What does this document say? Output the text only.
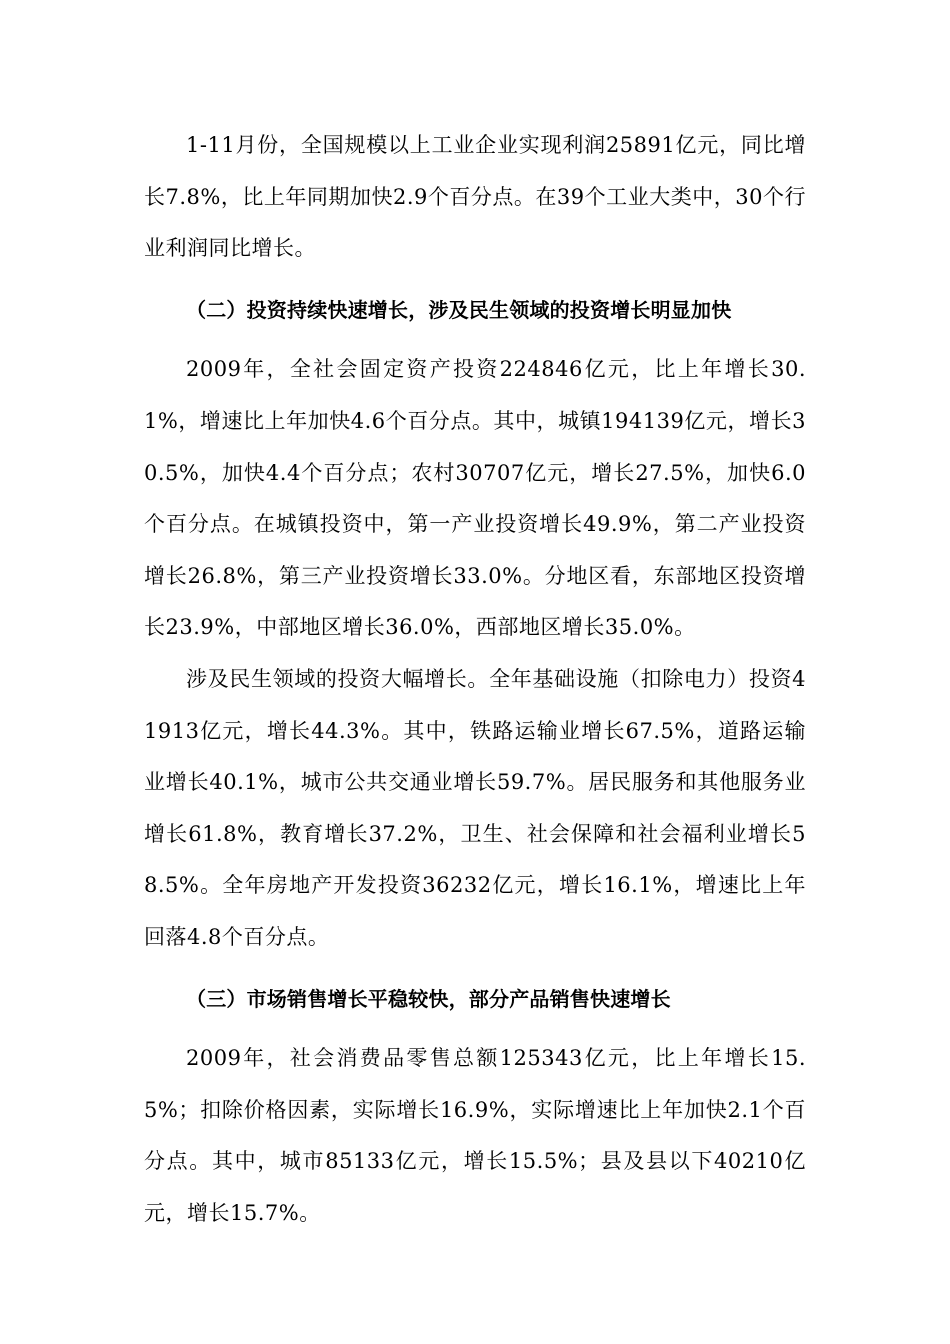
1-11月份，全国规模以上工业企业实现利润25891亿元，同比增长7.8%，比上年同期加快2.9个百分点。在39个工业大类中，30个行业利润同比增长。

（二）投资持续快速增长，涉及民生领域的投资增长明显加快

2009年，全社会固定资产投资224846亿元，比上年增长30.1%，增速比上年加快4.6个百分点。其中，城镇194139亿元，增长30.5%，加快4.4个百分点；农村30707亿元，增长27.5%，加快6.0个百分点。在城镇投资中，第一产业投资增长49.9%，第二产业投资增长26.8%，第三产业投资增长33.0%。分地区看，东部地区投资增长23.9%，中部地区增长36.0%，西部地区增长35.0%。

涉及民生领域的投资大幅增长。全年基础设施（扣除电力）投资41913亿元，增长44.3%。其中，铁路运输业增长67.5%，道路运输业增长40.1%，城市公共交通业增长59.7%。居民服务和其他服务业增长61.8%，教育增长37.2%，卫生、社会保障和社会福利业增长58.5%。全年房地产开发投资36232亿元，增长16.1%，增速比上年回落4.8个百分点。

（三）市场销售增长平稳较快，部分产品销售快速增长

2009年，社会消费品零售总额125343亿元，比上年增长15.5%；扣除价格因素，实际增长16.9%，实际增速比上年加快2.1个百分点。其中，城市85133亿元，增长15.5%；县及县以下40210亿元，增长15.7%。
